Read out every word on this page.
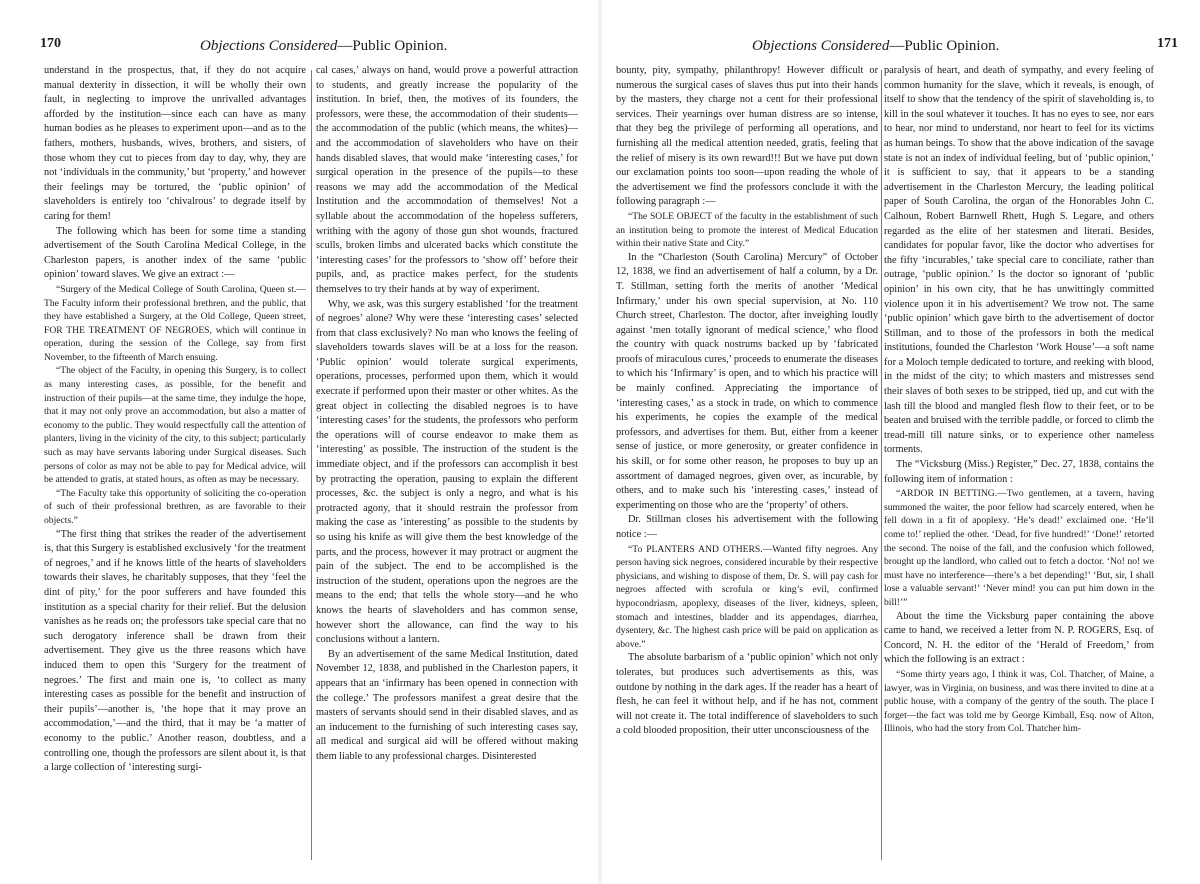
170	Objections Considered—Public Opinion.

understand in the prospectus, that, if they do not acquire manual dexterity in dissection, it will be wholly their own fault, in neglecting to improve the unrivalled advantages afforded by the institution—since each can have as many human bodies as he pleases to experiment upon—and as to the fathers, mothers, husbands, wives, brothers, and sisters, of those whom they cut to pieces from day to day, why, they are not ‘individuals in the community,’ but ‘property,’ and however their feelings may be tortured, the ‘public opinion’ of slaveholders is entirely too ‘chivalrous’ to degrade itself by caring for them!

The following which has been for some time a standing advertisement of the South Carolina Medical College, in the Charleston papers, is another index of the same ‘public opinion’ toward slaves. We give an extract :—

“Surgery of the Medical College of South Carolina, Queen st.—The Faculty inform their professional brethren, and the public, that they have established a Surgery, at the Old College, Queen street, FOR THE TREATMENT OF NEGROES, which will continue in operation, during the session of the College, say from first November, to the fifteenth of March ensuing.

“The object of the Faculty, in opening this Surgery, is to collect as many interesting cases, as possible, for the benefit and instruction of their pupils—at the same time, they indulge the hope, that it may not only prove an accommodation, but also a matter of economy to the public. They would respectfully call the attention of planters, living in the vicinity of the city, to this subject; particularly such as may have servants laboring under Surgical diseases. Such persons of color as may not be able to pay for Medical advice, will be attended to gratis, at stated hours, as often as may be necessary.

“The Faculty take this opportunity of soliciting the co-operation of such of their professional brethren, as are favorable to their objects.”

“The first thing that strikes the reader of the advertisement is, that this Surgery is established exclusively ‘for the treatment of negroes,’ and if he knows little of the hearts of slaveholders towards their slaves, he charitably supposes, that they ‘feel the dint of pity,’ for the poor sufferers and have founded this institution as a special charity for their relief. But the delusion vanishes as he reads on; the professors take special care that no such derogatory inference shall be drawn from their advertisement. They give us the three reasons which have induced them to open this ‘Surgery for the treatment of negroes.’ The first and main one is, ‘to collect as many interesting cases as possible for the benefit and instruction of their pupils’—another is, ‘the hope that it may prove an accommodation,’—and the third, that it may be ‘a matter of economy to the public.’ Another reason, doubtless, and a controlling one, though the professors are silent about it, is that a large collection of ‘interesting surgi-

cal cases,’ always on hand, would prove a powerful attraction to students, and greatly increase the popularity of the institution. In brief, then, the motives of its founders, the professors, were these, the accommodation of their students—the accommodation of the public (which means, the whites)—and the accommodation of slaveholders who have on their hands disabled slaves, that would make ‘interesting cases,’ for surgical operation in the presence of the pupils—to these reasons we may add the accommodation of the Medical Institution and the accommodation of themselves! Not a syllable about the accommodation of the hopeless sufferers, writhing with the agony of those gun shot wounds, fractured sculls, broken limbs and ulcerated backs which constitute the ‘interesting cases’ for the professors to ‘show off’ before their pupils, and, as practice makes perfect, for the students themselves to try their hands at by way of experiment.

Why, we ask, was this surgery established ‘for the treatment of negroes’ alone? Why were these ‘interesting cases’ selected from that class exclusively? No man who knows the feeling of slaveholders towards slaves will be at a loss for the reason. ‘Public opinion’ would tolerate surgical experiments, operations, processes, performed upon them, which it would execrate if performed upon their master or other whites. As the great object in collecting the disabled negroes is to have ‘interesting cases’ for the students, the professors who perform the operations will of course endeavor to make them as ‘interesting’ as possible. The instruction of the student is the immediate object, and if the professors can accomplish it best by protracting the operation, pausing to explain the different processes, &c. the subject is only a negro, and what is his protracted agony, that it should restrain the professor from making the case as ‘interesting’ as possible to the students by so using his knife as will give them the best knowledge of the parts, and the process, however it may protract or augment the pain of the subject. The end to be accomplished is the instruction of the student, operations upon the negroes are the means to the end; that tells the whole story—and he who knows the hearts of slaveholders and has common sense, however short the allowance, can find the way to his conclusions without a lantern.

By an advertisement of the same Medical Institution, dated November 12, 1838, and published in the Charleston papers, it appears that an ‘infirmary has been opened in connection with the college.’ The professors manifest a great desire that the masters of servants should send in their disabled slaves, and as an inducement to the furnishing of such interesting cases say, all medical and surgical aid will be offered without making them liable to any professional charges. Disinterested

Objections Considered—Public Opinion.	171

bounty, pity, sympathy, philanthropy! However difficult or numerous the surgical cases of slaves thus put into their hands by the masters, they charge not a cent for their professional services. Their yearnings over human distress are so intense, that they beg the privilege of performing all operations, and furnishing all the medical attention needed, gratis, feeling that the relief of misery is its own reward!!! But we have put down our exclamation points too soon—upon reading the whole of the advertisement we find the professors conclude it with the following paragraph :—

“The SOLE OBJECT of the faculty in the establishment of such an institution being to promote the interest of Medical Education within their native State and City.”

In the “Charleston (South Carolina) Mercury” of October 12, 1838, we find an advertisement of half a column, by a Dr. T. Stillman, setting forth the merits of another ‘Medical Infirmary,’ under his own special supervision, at No. 110 Church street, Charleston. The doctor, after inveighing loudly against ‘men totally ignorant of medical science,’ who flood the country with quack nostrums backed up by ‘fabricated proofs of miraculous cures,’ proceeds to enumerate the diseases to which his ‘Infirmary’ is open, and to which his practice will be mainly confined. Appreciating the importance of ‘interesting cases,’ as a stock in trade, on which to commence his experiments, he copies the example of the medical professors, and advertises for them. But, either from a keener sense of justice, or more generosity, or greater confidence in his skill, or for some other reason, he proposes to buy up an assortment of damaged negroes, given over, as incurable, by others, and to make such his ‘interesting cases,’ instead of experimenting on those who are the ‘property’ of others.

Dr. Stillman closes his advertisement with the following notice :—

“To PLANTERS AND OTHERS.—Wanted fifty negroes. Any person having sick negroes, considered incurable by their respective physicians, and wishing to dispose of them, Dr. S. will pay cash for negroes affected with scrofula or king’s evil, confirmed hypocondriasm, apoplexy, diseases of the liver, kidneys, spleen, stomach and intestines, bladder and its appendages, diarrhea, dysentery, &c. The highest cash price will be paid on application as above.”

The absolute barbarism of a ‘public opinion’ which not only tolerates, but produces such advertisements as this, was outdone by nothing in the dark ages. If the reader has a heart of flesh, he can feel it without help, and if he has not, comment will not create it. The total indifference of slaveholders to such a cold blooded proposition, their utter unconsciousness of the

paralysis of heart, and death of sympathy, and every feeling of common humanity for the slave, which it reveals, is enough, of itself to show that the tendency of the spirit of slaveholding is, to kill in the soul whatever it touches. It has no eyes to see, nor ears to hear, nor mind to understand, nor heart to feel for its victims as human beings. To show that the above indication of the savage state is not an index of individual feeling, but of ‘public opinion,’ it is sufficient to say, that it appears to be a standing advertisement in the Charleston Mercury, the leading political paper of South Carolina, the organ of the Honorables John C. Calhoun, Robert Barnwell Rhett, Hugh S. Legare, and others regarded as the elite of her statesmen and literati. Besides, candidates for popular favor, like the doctor who advertises for the fifty ‘incurables,’ take special care to conciliate, rather than outrage, ‘public opinion.’ Is the doctor so ignorant of ‘public opinion’ in his own city, that he has unwittingly committed violence upon it in his advertisement? We trow not. The same ‘public opinion’ which gave birth to the advertisement of doctor Stillman, and to those of the professors in both the medical institutions, founded the Charleston ‘Work House’—a soft name for a Moloch temple dedicated to torture, and reeking with blood, in the midst of the city; to which masters and mistresses send their slaves of both sexes to be stripped, tied up, and cut with the lash till the blood and mangled flesh flow to their feet, or to be beaten and bruised with the terrible paddle, or forced to climb the tread-mill till nature sinks, or to experience other nameless torments.

The “Vicksburg (Miss.) Register,” Dec. 27, 1838, contains the following item of information :

“ARDOR IN BETTING.—Two gentlemen, at a tavern, having summoned the waiter, the poor fellow had scarcely entered, when he fell down in a fit of apoplexy. ‘He’s dead!’ exclaimed one. ‘He’ll come to!’ replied the other. ‘Dead, for five hundred!’ ‘Done!’ retorted the second. The noise of the fall, and the confusion which followed, brought up the landlord, who called out to fetch a doctor. ‘No! no! we must have no interference—there’s a bet depending!’ ‘But, sir, I shall lose a valuable servant!’ ‘Never mind! you can put him down in the bill!’”

About the time the Vicksburg paper containing the above came to hand, we received a letter from N. P. ROGERS, Esq. of Concord, N. H. the editor of the ‘Herald of Freedom,’ from which the following is an extract :

“Some thirty years ago, I think it was, Col. Thatcher, of Maine, a lawyer, was in Virginia, on business, and was there invited to dine at a public house, with a company of the gentry of the south. The place I forget—the fact was told me by George Kimball, Esq. now of Alton, Illinois, who had the story from Col. Thatcher him-
